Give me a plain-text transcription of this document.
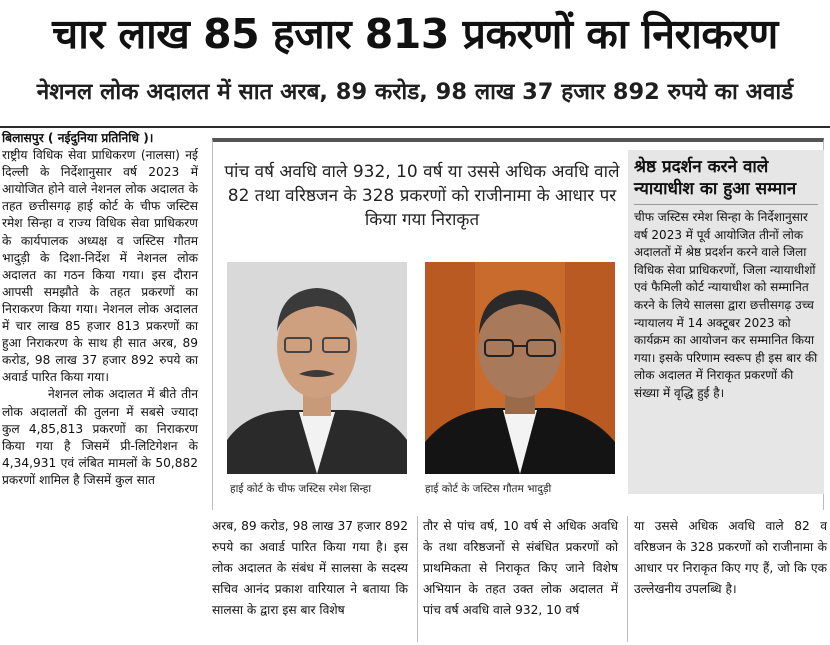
चार लाख 85 हजार 813 प्रकरणों का निराकरण
नेशनल लोक अदालत में सात अरब, 89 करोड, 98 लाख 37 हजार 892 रुपये का अवार्ड

बिलासपुर ( नईदुनिया प्रतिनिधि )।

राष्ट्रीय विधिक सेवा प्राधिकरण (नालसा) नई दिल्ली के निर्देशानुसार वर्ष 2023 में आयोजित होने वाले नेशनल लोक अदालत के तहत छत्तीसगढ़ हाई कोर्ट के चीफ जस्टिस रमेश सिन्हा व राज्य विधिक सेवा प्राधिकरण के कार्यपालक अध्यक्ष व जस्टिस गौतम भादुड़ी के दिशा-निर्देश में नेशनल लोक अदालत का गठन किया गया। इस दौरान आपसी समझौते के तहत प्रकरणों का निराकरण किया गया। नेशनल लोक अदालत में चार लाख 85 हजार 813 प्रकरणों का हुआ निराकरण के साथ ही सात अरब, 89 करोड, 98 लाख 37 हजार 892 रुपये का अवार्ड पारित किया गया।

नेशनल लोक अदालत में बीते तीन लोक अदालतों की तुलना में सबसे ज्यादा कुल 4,85,813 प्रकरणों का निराकरण किया गया है जिसमें प्री-लिटिगेशन के 4,34,931 एवं लंबित मामलों के 50,882 प्रकरणों शामिल है जिसमें कुल सात

पांच वर्ष अवधि वाले 932, 10 वर्ष या उससे अधिक अवधि वाले 82 तथा वरिष्ठजन के 328 प्रकरणों को राजीनामा के आधार पर किया गया निराकृत
हाई कोर्ट के चीफ जस्टिस रमेश सिन्हा	हाई कोर्ट के जस्टिस गौतम भादुड़ी

श्रेष्ठ प्रदर्शन करने वाले न्यायाधीश का हुआ सम्मान

चीफ जस्टिस रमेश सिन्हा के निर्देशानुसार वर्ष 2023 में पूर्व आयोजित तीनों लोक अदालतों में श्रेष्ठ प्रदर्शन करने वाले जिला विधिक सेवा प्राधिकरणों, जिला न्यायाधीशों एवं फैमिली कोर्ट न्यायाधीश को सम्मानित करने के लिये सालसा द्वारा छत्तीसगढ़ उच्च न्यायालय में 14 अक्टूबर 2023 को कार्यक्रम का आयोजन कर सम्मानित किया गया। इसके परिणाम स्वरूप ही इस बार की लोक अदालत में निराकृत प्रकरणों की संख्या में वृद्धि हुई है।

अरब, 89 करोड, 98 लाख 37 हजार 892 रुपये का अवार्ड पारित किया गया है। इस लोक अदालत के संबंध में सालसा के सदस्य सचिव आनंद प्रकाश वारियाल ने बताया कि सालसा के द्वारा इस बार विशेष

तौर से पांच वर्ष, 10 वर्ष से अधिक अवधि के तथा वरिष्ठजनों से संबंधित प्रकरणों को प्राथमिकता से निराकृत किए जाने विशेष अभियान के तहत उक्त लोक अदालत में पांच वर्ष अवधि वाले 932, 10 वर्ष

या उससे अधिक अवधि वाले 82 व वरिष्ठजन के 328 प्रकरणों को राजीनामा के आधार पर निराकृत किए गए हैं, जो कि एक उल्लेखनीय उपलब्धि है।
